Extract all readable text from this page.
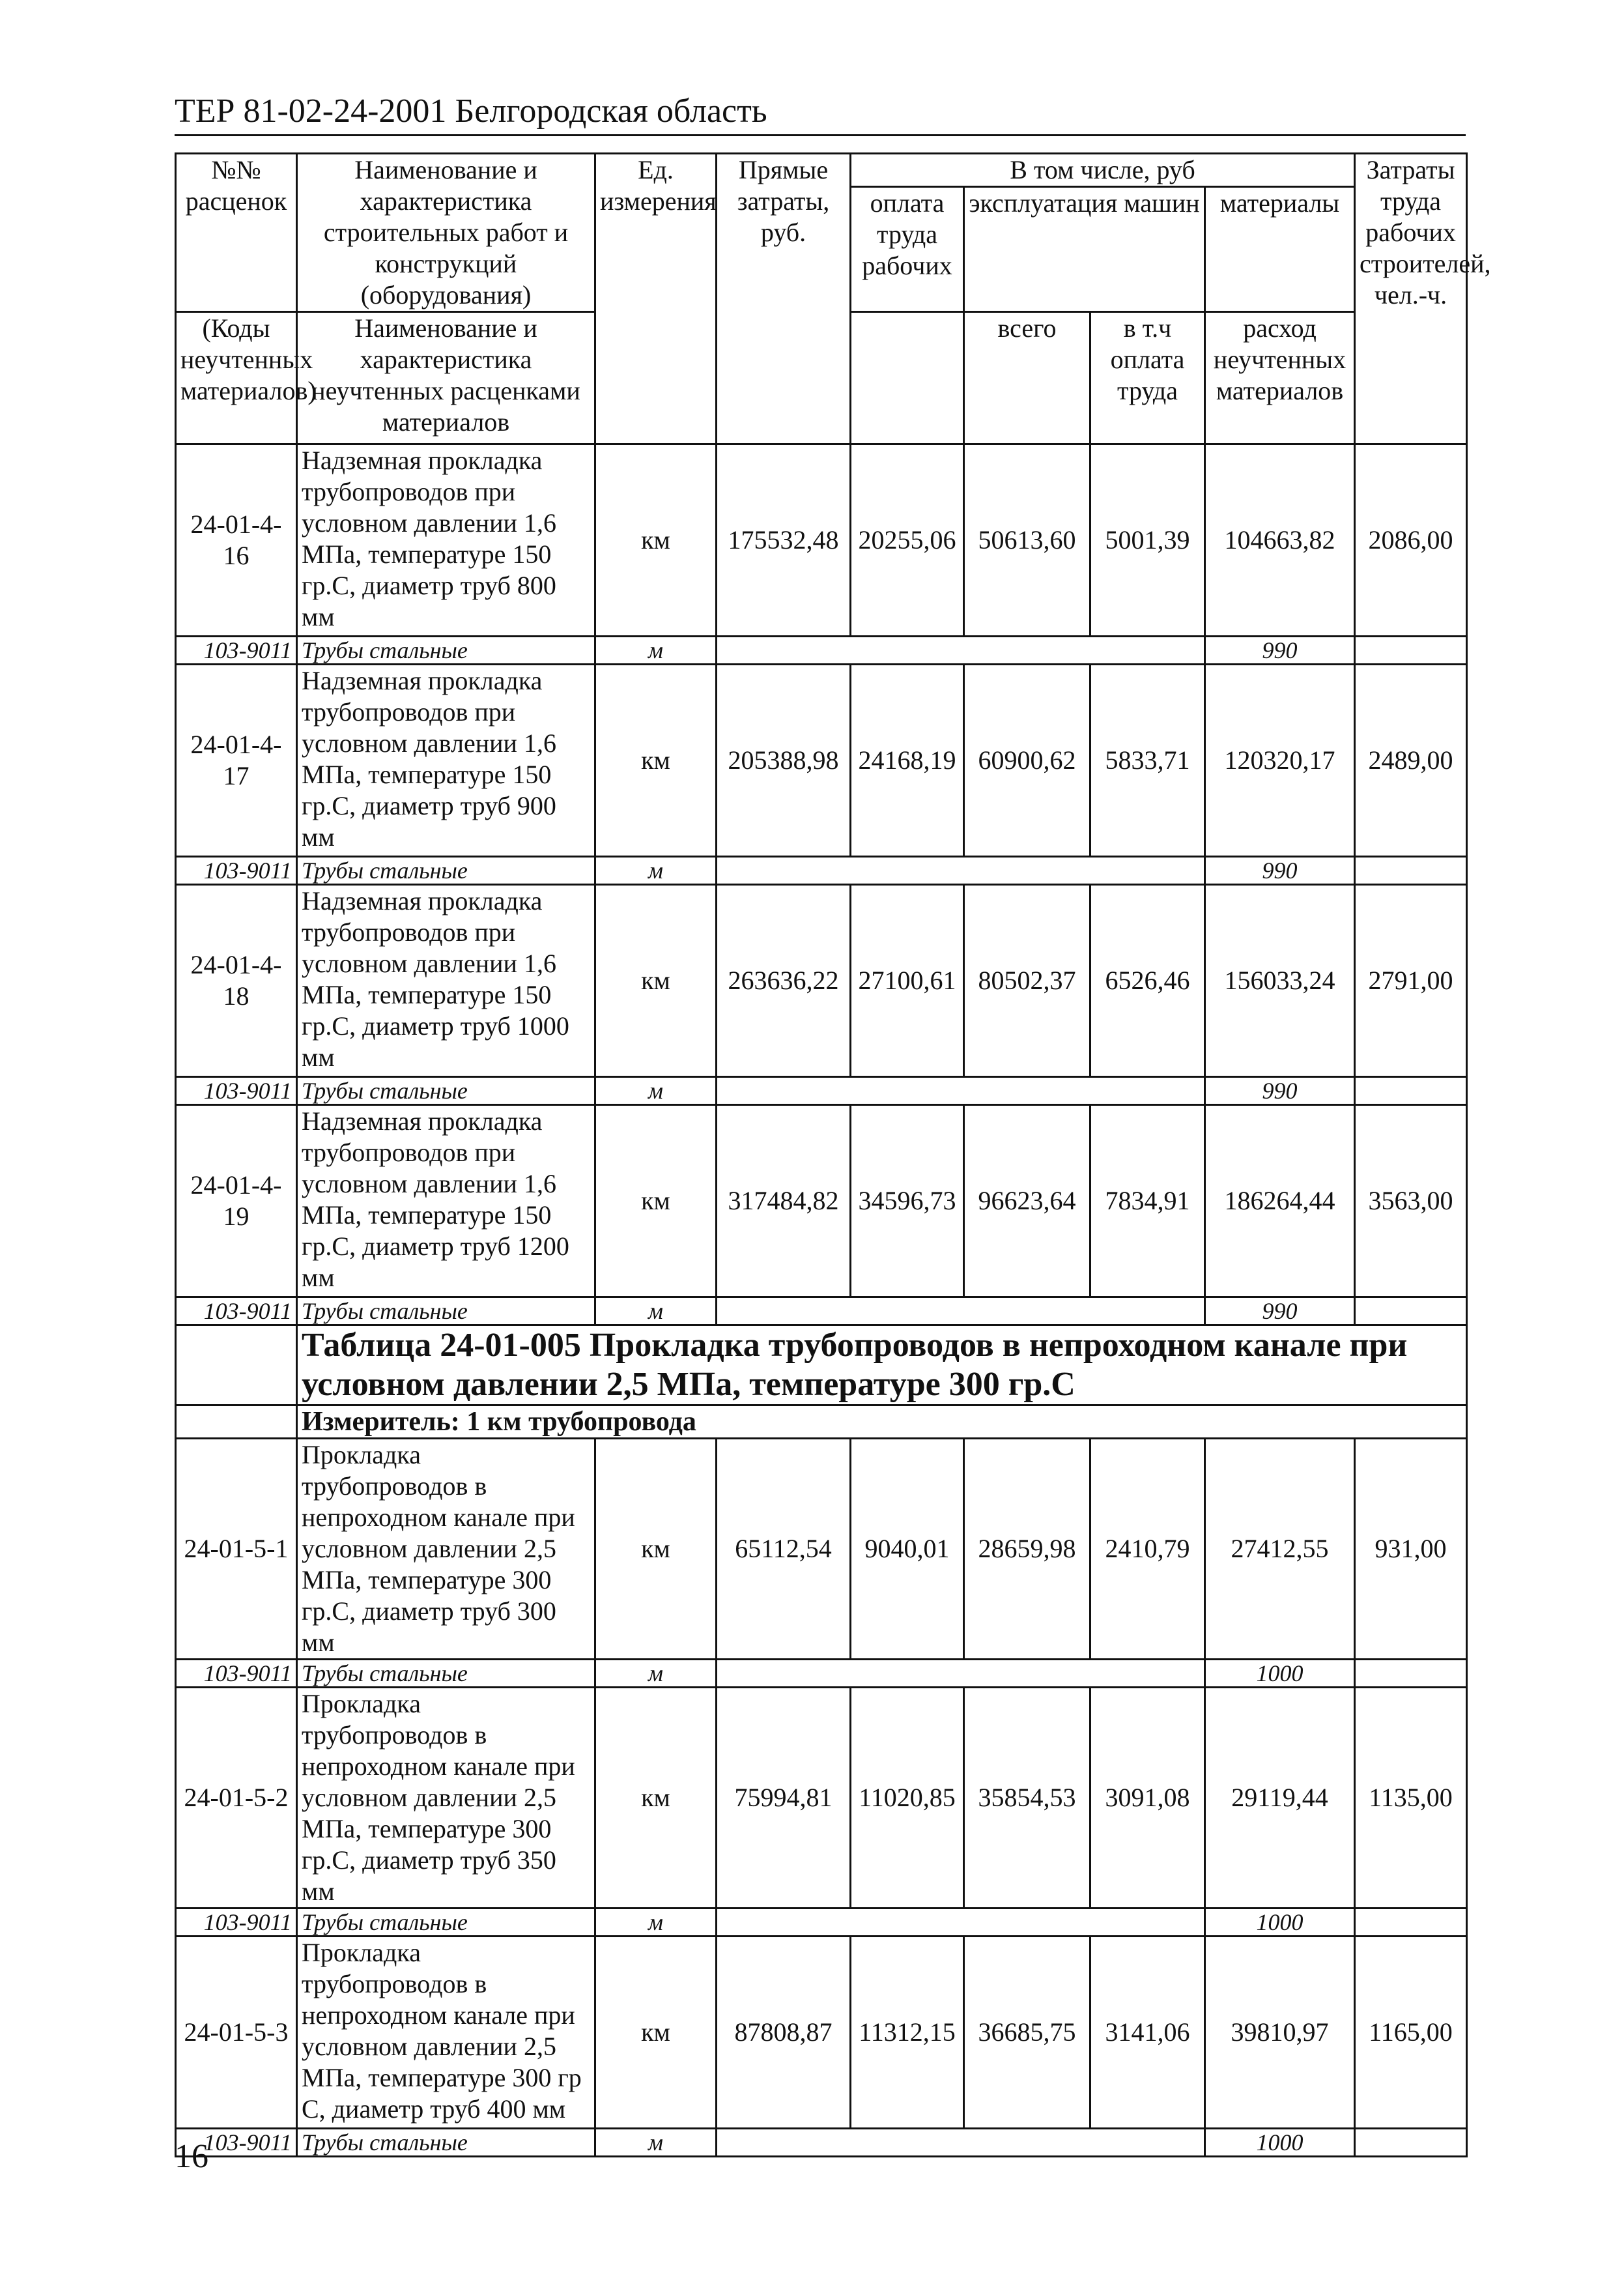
ТЕР 81-02-24-2001 Белгородская область
№№ расценок	Наименование и характеристика строительных работ и конструкций (оборудования)	Ед. измерения	Прямые затраты, руб.	В том числе, руб				Затраты труда рабочих строителей, чел.-ч.
				оплата труда рабочих	эксплуатация машин		материалы	
(Коды неучтенных материалов)	Наименование и характеристика неучтенных расценками материалов				всего	в т.ч оплата труда	расход неучтенных материалов	

24-01-4-16	Надземная прокладка трубопроводов при условном давлении 1,6 МПа, температуре 150 гр.С, диаметр труб 800 мм	км	175532,48	20255,06	50613,60	5001,39	104663,82	2086,00
103-9011	Трубы стальные	м					990	
24-01-4-17	Надземная прокладка трубопроводов при условном давлении 1,6 МПа, температуре 150 гр.С, диаметр труб 900 мм	км	205388,98	24168,19	60900,62	5833,71	120320,17	2489,00
103-9011	Трубы стальные	м					990	
24-01-4-18	Надземная прокладка трубопроводов при условном давлении 1,6 МПа, температуре 150 гр.С, диаметр труб 1000 мм	км	263636,22	27100,61	80502,37	6526,46	156033,24	2791,00
103-9011	Трубы стальные	м					990	
24-01-4-19	Надземная прокладка трубопроводов при условном давлении 1,6 МПа, температуре 150 гр.С, диаметр труб 1200 мм	км	317484,82	34596,73	96623,64	7834,91	186264,44	3563,00
103-9011	Трубы стальные	м					990	
	Таблица 24-01-005 Прокладка трубопроводов в непроходном канале при условном давлении 2,5 МПа, температуре 300 гр.С							
	Измеритель: 1 км трубопровода							
24-01-5-1	Прокладка трубопроводов в непроходном канале при условном давлении 2,5 МПа, температуре 300 гр.С, диаметр труб 300 мм	км	65112,54	9040,01	28659,98	2410,79	27412,55	931,00
103-9011	Трубы стальные	м					1000	
24-01-5-2	Прокладка трубопроводов в непроходном канале при условном давлении 2,5 МПа, температуре 300 гр.С, диаметр труб 350 мм	км	75994,81	11020,85	35854,53	3091,08	29119,44	1135,00
103-9011	Трубы стальные	м					1000	
24-01-5-3	Прокладка трубопроводов в непроходном канале при условном давлении 2,5 МПа, температуре 300 гр С, диаметр труб 400 мм	км	87808,87	11312,15	36685,75	3141,06	39810,97	1165,00
103-9011	Трубы стальные	м					1000	
16
